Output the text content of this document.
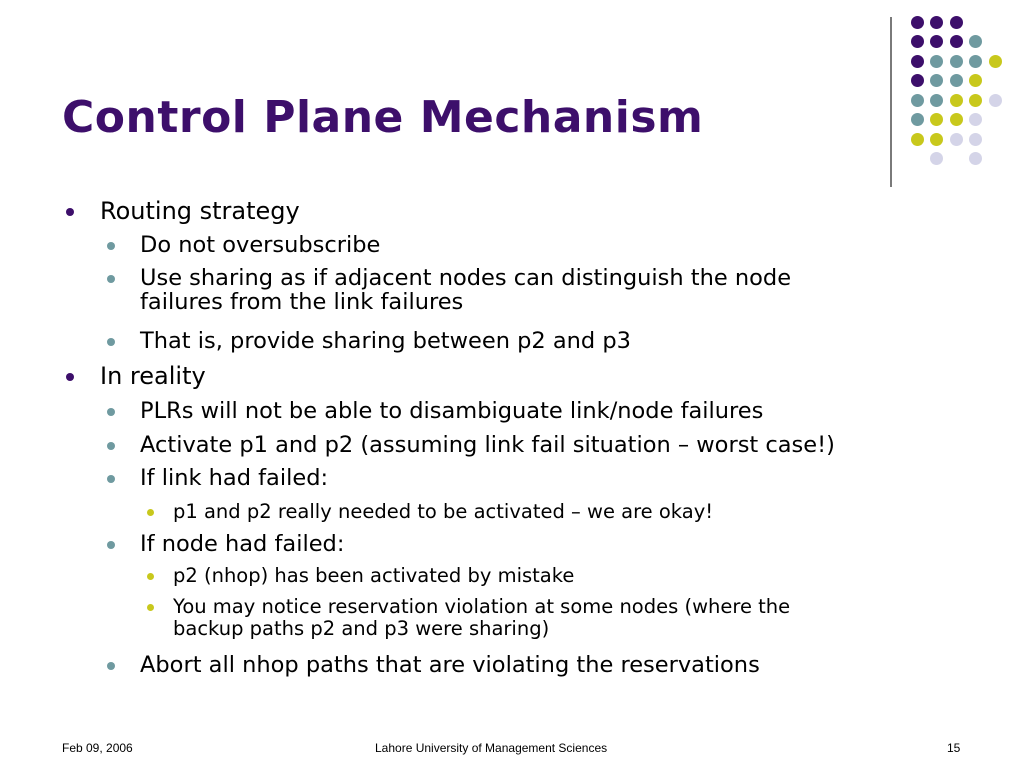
Control Plane Mechanism
Routing strategy
Do not oversubscribe
Use sharing as if adjacent nodes can distinguish the node
failures from the link failures
That is, provide sharing between p2 and p3
In reality
PLRs will not be able to disambiguate link/node failures
Activate p1 and p2 (assuming link fail situation – worst case!)
If link had failed:
p1 and p2 really needed to be activated – we are okay!
If node had failed:
p2 (nhop) has been activated by mistake
You may notice reservation violation at some nodes (where the
backup paths p2 and p3 were sharing)
Abort all nhop paths that are violating the reservations
Feb 09, 2006	Lahore University of Management Sciences	15
